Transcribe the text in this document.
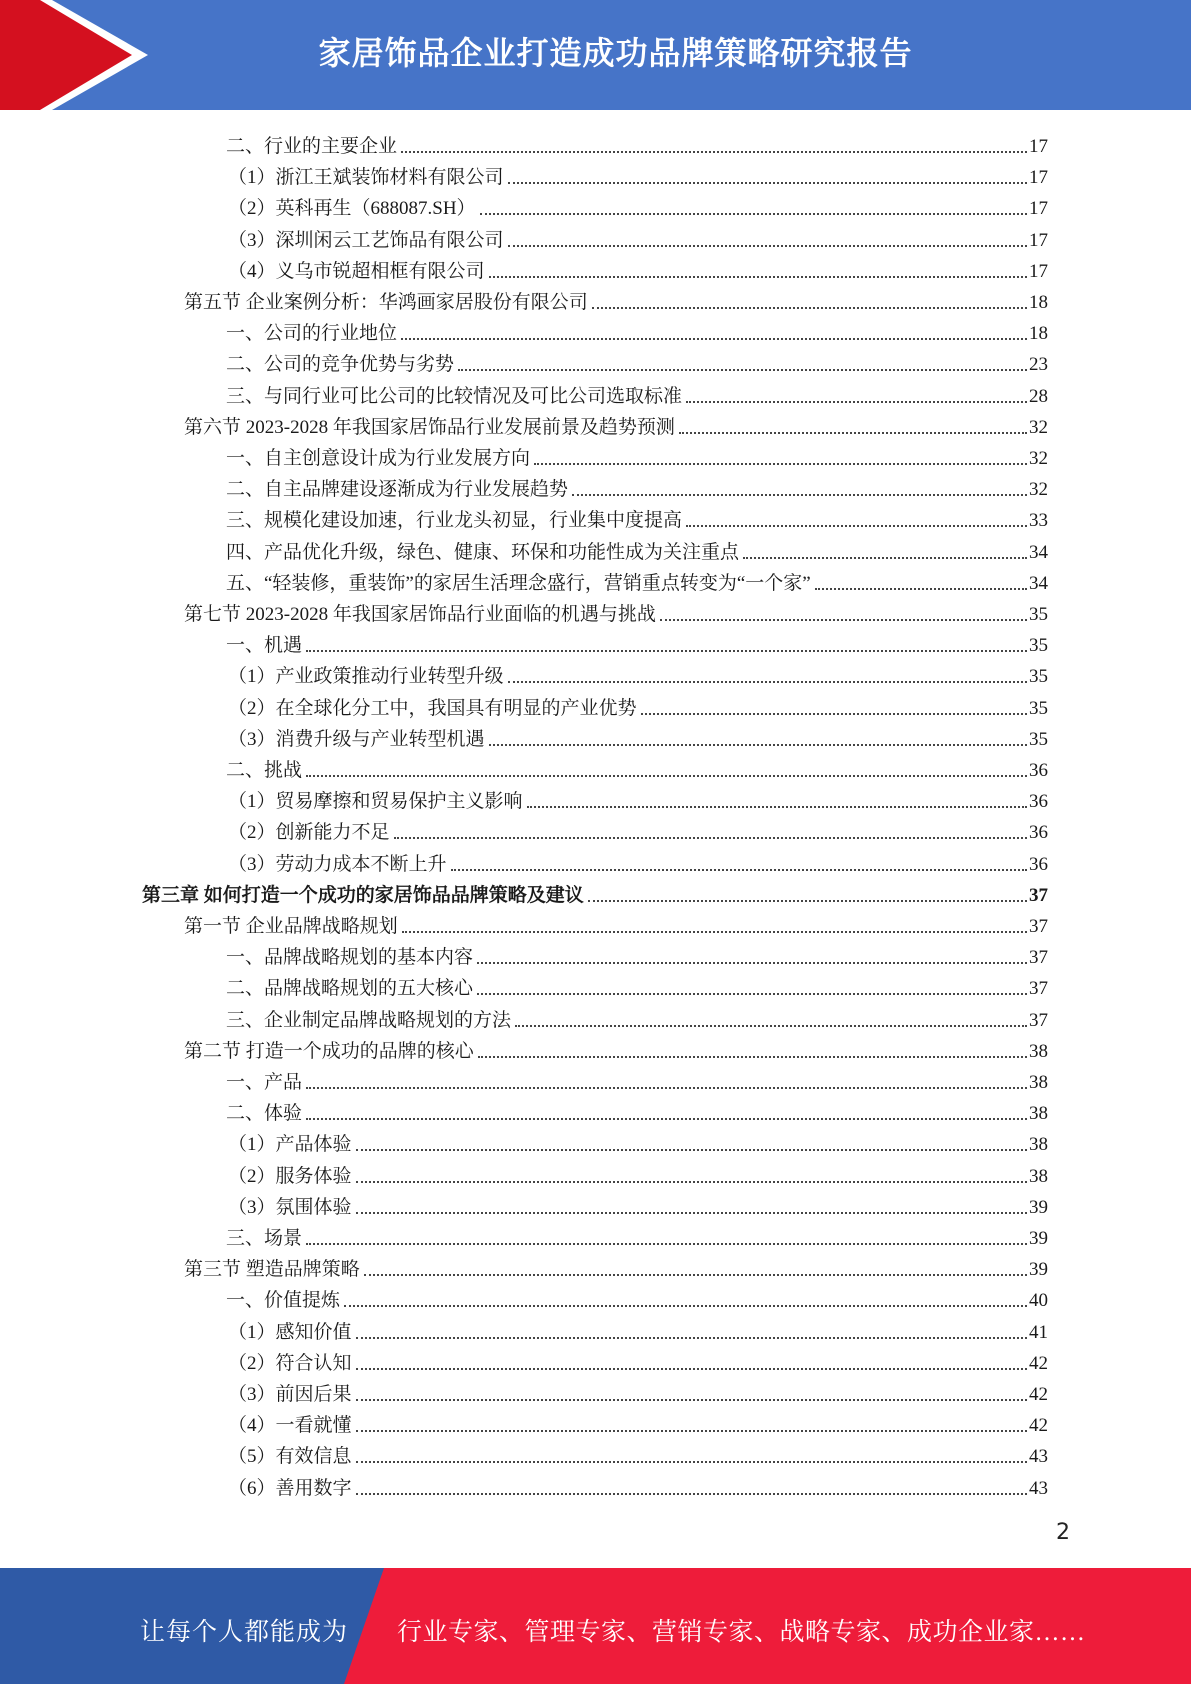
家居饰品企业打造成功品牌策略研究报告
二、行业的主要企业	17
（1）浙江王斌装饰材料有限公司	17
（2）英科再生（688087.SH）	17
（3）深圳闲云工艺饰品有限公司	17
（4）义乌市锐超相框有限公司	17
第五节 企业案例分析：华鸿画家居股份有限公司	18
一、公司的行业地位	18
二、公司的竞争优势与劣势	23
三、与同行业可比公司的比较情况及可比公司选取标准	28
第六节 2023-2028 年我国家居饰品行业发展前景及趋势预测	32
一、自主创意设计成为行业发展方向	32
二、自主品牌建设逐渐成为行业发展趋势	32
三、规模化建设加速，行业龙头初显，行业集中度提高	33
四、产品优化升级，绿色、健康、环保和功能性成为关注重点	34
五、“轻装修，重装饰”的家居生活理念盛行，营销重点转变为“一个家”	34
第七节 2023-2028 年我国家居饰品行业面临的机遇与挑战	35
一、机遇	35
（1）产业政策推动行业转型升级	35
（2）在全球化分工中，我国具有明显的产业优势	35
（3）消费升级与产业转型机遇	35
二、挑战	36
（1）贸易摩擦和贸易保护主义影响	36
（2）创新能力不足	36
（3）劳动力成本不断上升	36
第三章 如何打造一个成功的家居饰品品牌策略及建议	37
第一节 企业品牌战略规划	37
一、品牌战略规划的基本内容	37
二、品牌战略规划的五大核心	37
三、企业制定品牌战略规划的方法	37
第二节 打造一个成功的品牌的核心	38
一、产品	38
二、体验	38
（1）产品体验	38
（2）服务体验	38
（3）氛围体验	39
三、场景	39
第三节 塑造品牌策略	39
一、价值提炼	40
（1）感知价值	41
（2）符合认知	42
（3）前因后果	42
（4）一看就懂	42
（5）有效信息	43
（6）善用数字	43
2
让每个人都能成为 行业专家、管理专家、营销专家、战略专家、成功企业家……
